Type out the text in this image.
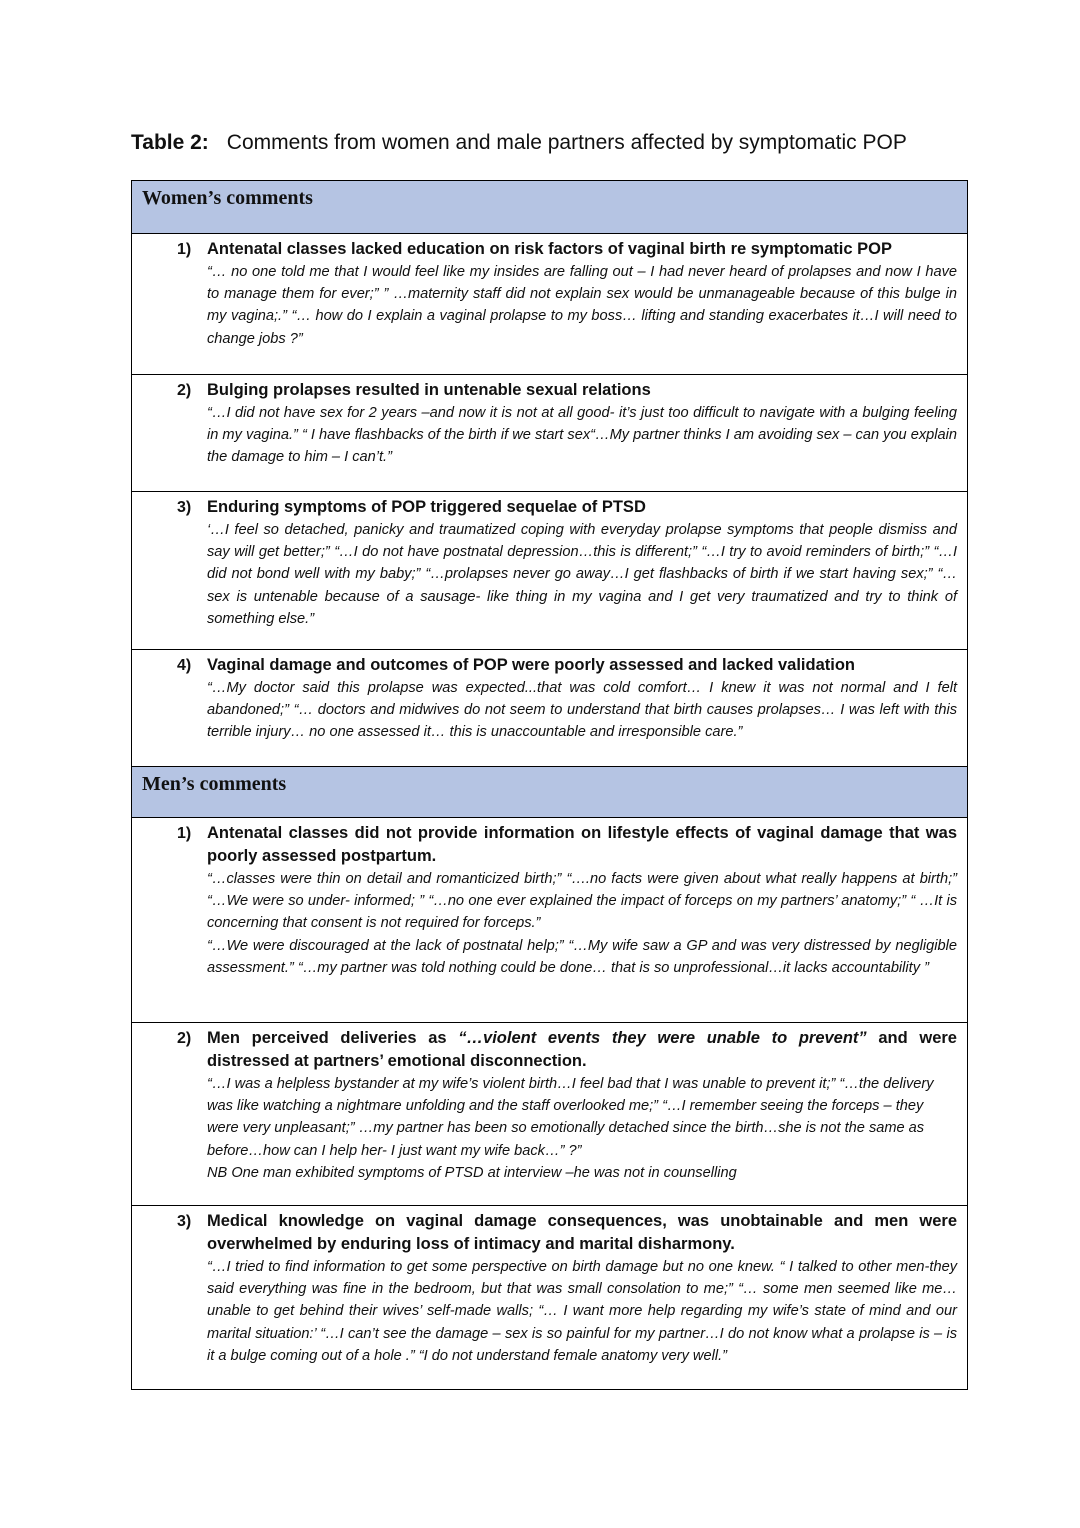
Table 2: Comments from women and male partners affected by symptomatic POP
Women’s comments
1) Antenatal classes lacked education on risk factors of vaginal birth re symptomatic POP

“… no one told me that I would feel like my insides are falling out – I had never heard of prolapses and now I have to manage them for ever;” ” …maternity staff did not explain sex would be unmanageable because of this bulge in my vagina;.” “… how do I explain a vaginal prolapse to my boss… lifting and standing exacerbates it…I will need to change jobs ?”

2) Bulging prolapses resulted in untenable sexual relations

“…I did not have sex for 2 years –and now it is not at all good- it’s just too difficult to navigate with a bulging feeling in my vagina.” “ I have flashbacks of the birth if we start sex“…My partner thinks I am avoiding sex – can you explain the damage to him – I can’t.”

3) Enduring symptoms of POP triggered sequelae of PTSD

‘…I feel so detached, panicky and traumatized coping with everyday prolapse symptoms that people dismiss and say will get better;” “…I do not have postnatal depression…this is different;” “…I try to avoid reminders of birth;” “…I did not bond well with my baby;” “…prolapses never go away…I get flashbacks of birth if we start having sex;” “…sex is untenable because of a sausage- like thing in my vagina and I get very traumatized and try to think of something else.”

4) Vaginal damage and outcomes of POP were poorly assessed and lacked validation

“…My doctor said this prolapse was expected...that was cold comfort… I knew it was not normal and I felt abandoned;” “… doctors and midwives do not seem to understand that birth causes prolapses… I was left with this terrible injury… no one assessed it… this is unaccountable and irresponsible care.”

Men’s comments
1) Antenatal classes did not provide information on lifestyle effects of vaginal damage that was poorly assessed postpartum.

“…classes were thin on detail and romanticized birth;” “….no facts were given about what really happens at birth;” “…We were so under- informed; ” “…no one ever explained the impact of forceps on my partners’ anatomy;” “ …It is concerning that consent is not required for forceps.”

“…We were discouraged at the lack of postnatal help;” “…My wife saw a GP and was very distressed by negligible assessment.” “…my partner was told nothing could be done… that is so unprofessional…it lacks accountability ”

2) Men perceived deliveries as “…violent events they were unable to prevent” and were distressed at partners’ emotional disconnection.

“…I was a helpless bystander at my wife’s violent birth…I feel bad that I was unable to prevent it;” “…the delivery was like watching a nightmare unfolding and the staff overlooked me;” “…I remember seeing the forceps – they were very unpleasant;” …my partner has been so emotionally detached since the birth…she is not the same as before…how can I help her- I just want my wife back…” ?”

NB One man exhibited symptoms of PTSD at interview –he was not in counselling

3) Medical knowledge on vaginal damage consequences, was unobtainable and men were overwhelmed by enduring loss of intimacy and marital disharmony.

“…I tried to find information to get some perspective on birth damage but no one knew. “ I talked to other men-they said everything was fine in the bedroom, but that was small consolation to me;” “… some men seemed like me… unable to get behind their wives’ self-made walls; “… I want more help regarding my wife’s state of mind and our marital situation:’ “…I can’t see the damage – sex is so painful for my partner…I do not know what a prolapse is – is it a bulge coming out of a hole .” “I do not understand female anatomy very well.”
